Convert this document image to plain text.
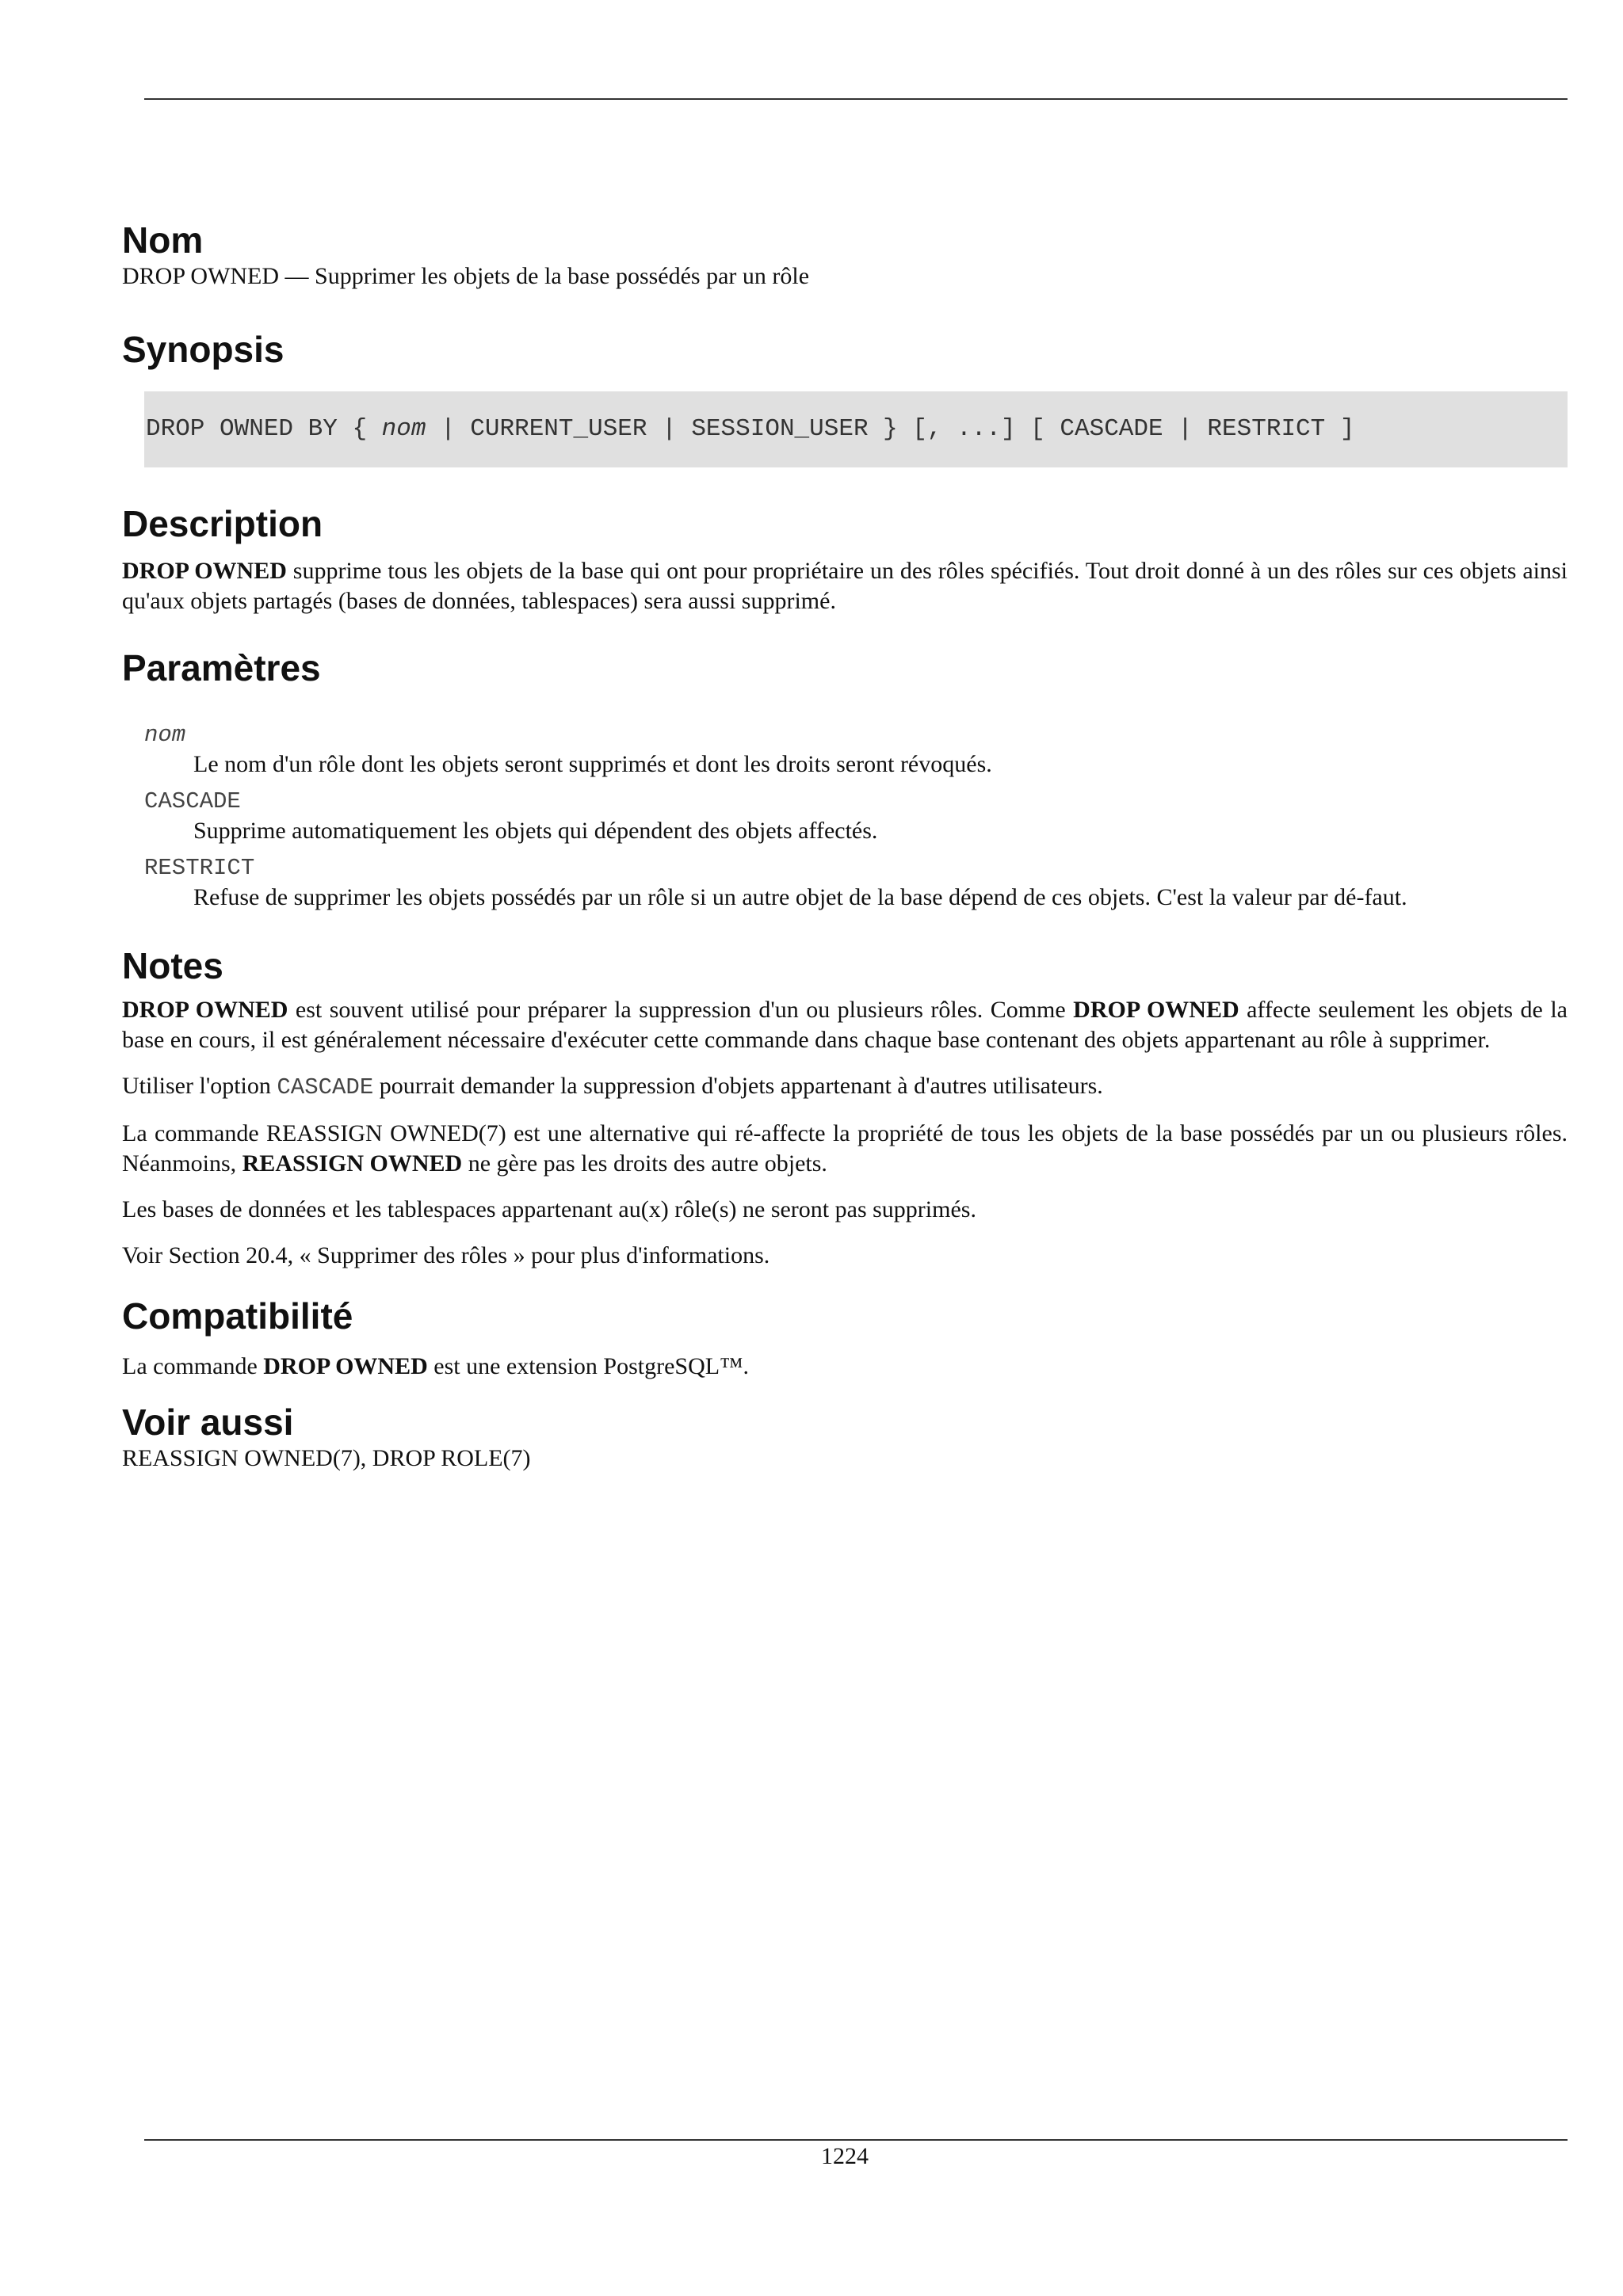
Nom

DROP OWNED — Supprimer les objets de la base possédés par un rôle

Synopsis
DROP OWNED BY { nom | CURRENT_USER | SESSION_USER } [, ...] [ CASCADE | RESTRICT ]
Description

DROP OWNED supprime tous les objets de la base qui ont pour propriétaire un des rôles spécifiés. Tout droit donné à un des rôles sur ces objets ainsi qu'aux objets partagés (bases de données, tablespaces) sera aussi supprimé.

Paramètres
nom
Le nom d'un rôle dont les objets seront supprimés et dont les droits seront révoqués.
CASCADE
Supprime automatiquement les objets qui dépendent des objets affectés.
RESTRICT
Refuse de supprimer les objets possédés par un rôle si un autre objet de la base dépend de ces objets. C'est la valeur par dé-faut.
Notes

DROP OWNED est souvent utilisé pour préparer la suppression d'un ou plusieurs rôles. Comme DROP OWNED affecte seulement les objets de la base en cours, il est généralement nécessaire d'exécuter cette commande dans chaque base contenant des objets appartenant au rôle à supprimer.

Utiliser l'option CASCADE pourrait demander la suppression d'objets appartenant à d'autres utilisateurs.

La commande REASSIGN OWNED(7) est une alternative qui ré-affecte la propriété de tous les objets de la base possédés par un ou plusieurs rôles. Néanmoins, REASSIGN OWNED ne gère pas les droits des autre objets.

Les bases de données et les tablespaces appartenant au(x) rôle(s) ne seront pas supprimés.

Voir Section 20.4, « Supprimer des rôles » pour plus d'informations.

Compatibilité

La commande DROP OWNED est une extension PostgreSQL™.

Voir aussi

REASSIGN OWNED(7), DROP ROLE(7)

1224
